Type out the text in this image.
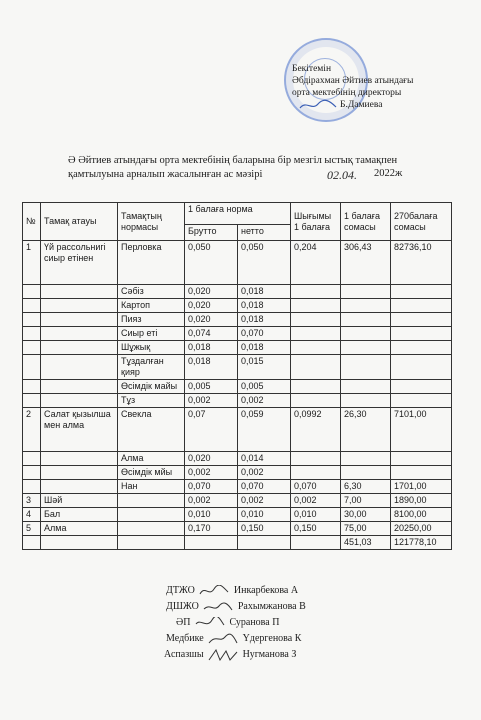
Бекітемін
Әбдірахман Әйтиев атындағы
орта мектебінің директоры
Б.Дамиева
Ә Әйтиев атындағы орта мектебінің баларына бір мезгіл ыстық тамақпен
қамтылуына арналып жасалынған ас мәзірі	02.04.	2022ж
№	Тамақ атауы	Тамақтың нормасы	1 балаға норма		Шығымы 1 балаға	1 балаға сомасы	270балаға сомасы
			Брутто	нетто			
1	Үй рассольнигі сиыр етінен	Перловка	0,050	0,050	0,204	306,43	82736,10
		Сәбіз	0,020	0,018			
		Картоп	0,020	0,018			
		Пияз	0,020	0,018			
		Сиыр еті	0,074	0,070			
		Шұжық	0,018	0,018			
		Тұздалған қияр	0,018	0,015			
		Өсімдік майы	0,005	0,005			
		Тұз	0,002	0,002			
2	Салат қызылша мен алма	Свекла	0,07	0,059	0,0992	26,30	7101,00
		Алма	0,020	0,014			
		Өсімдік мйы	0,002	0,002			
		Нан	0,070	0,070	0,070	6,30	1701,00
3	Шәй		0,002	0,002	0,002	7,00	1890,00
4	Бал		0,010	0,010	0,010	30,00	8100,00
5	Алма		0,170	0,150	0,150	75,00	20250,00
						451,03	121778,10
ДТЖО	Инкарбекова А
ДШЖО	Рахымжанова В
ӘП	Суранова П
Медбике	Үдергенова К
Аспазшы	Нугманова З
